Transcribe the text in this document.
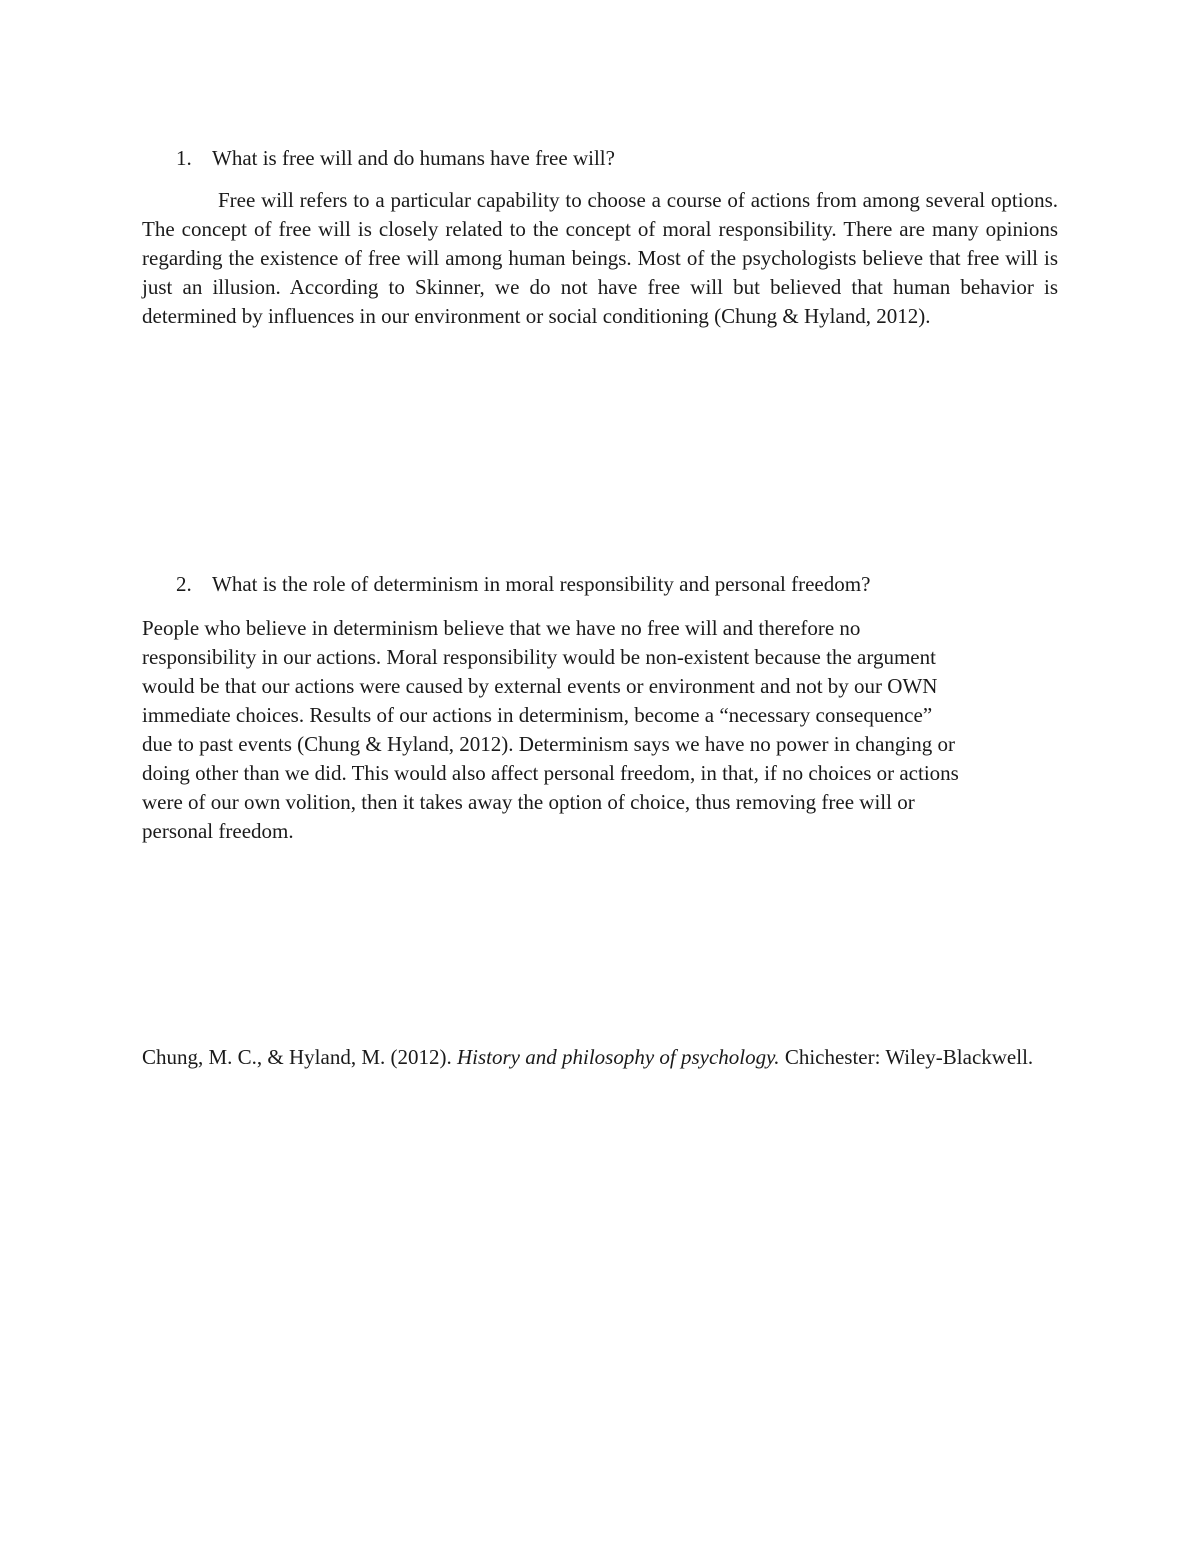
1. What is free will and do humans have free will?

Free will refers to a particular capability to choose a course of actions from among several options. The concept of free will is closely related to the concept of moral responsibility. There are many opinions regarding the existence of free will among human beings. Most of the psychologists believe that free will is just an illusion. According to Skinner, we do not have free will but believed that human behavior is determined by influences in our environment or social conditioning (Chung & Hyland, 2012).

2. What is the role of determinism in moral responsibility and personal freedom?

People who believe in determinism believe that we have no free will and therefore no
responsibility in our actions. Moral responsibility would be non-existent because the argument
would be that our actions were caused by external events or environment and not by our OWN
immediate choices. Results of our actions in determinism, become a “necessary consequence”
due to past events (Chung & Hyland, 2012). Determinism says we have no power in changing or
doing other than we did. This would also affect personal freedom, in that, if no choices or actions
were of our own volition, then it takes away the option of choice, thus removing free will or
personal freedom.

Chung, M. C., & Hyland, M. (2012). History and philosophy of psychology. Chichester: Wiley-Blackwell.
